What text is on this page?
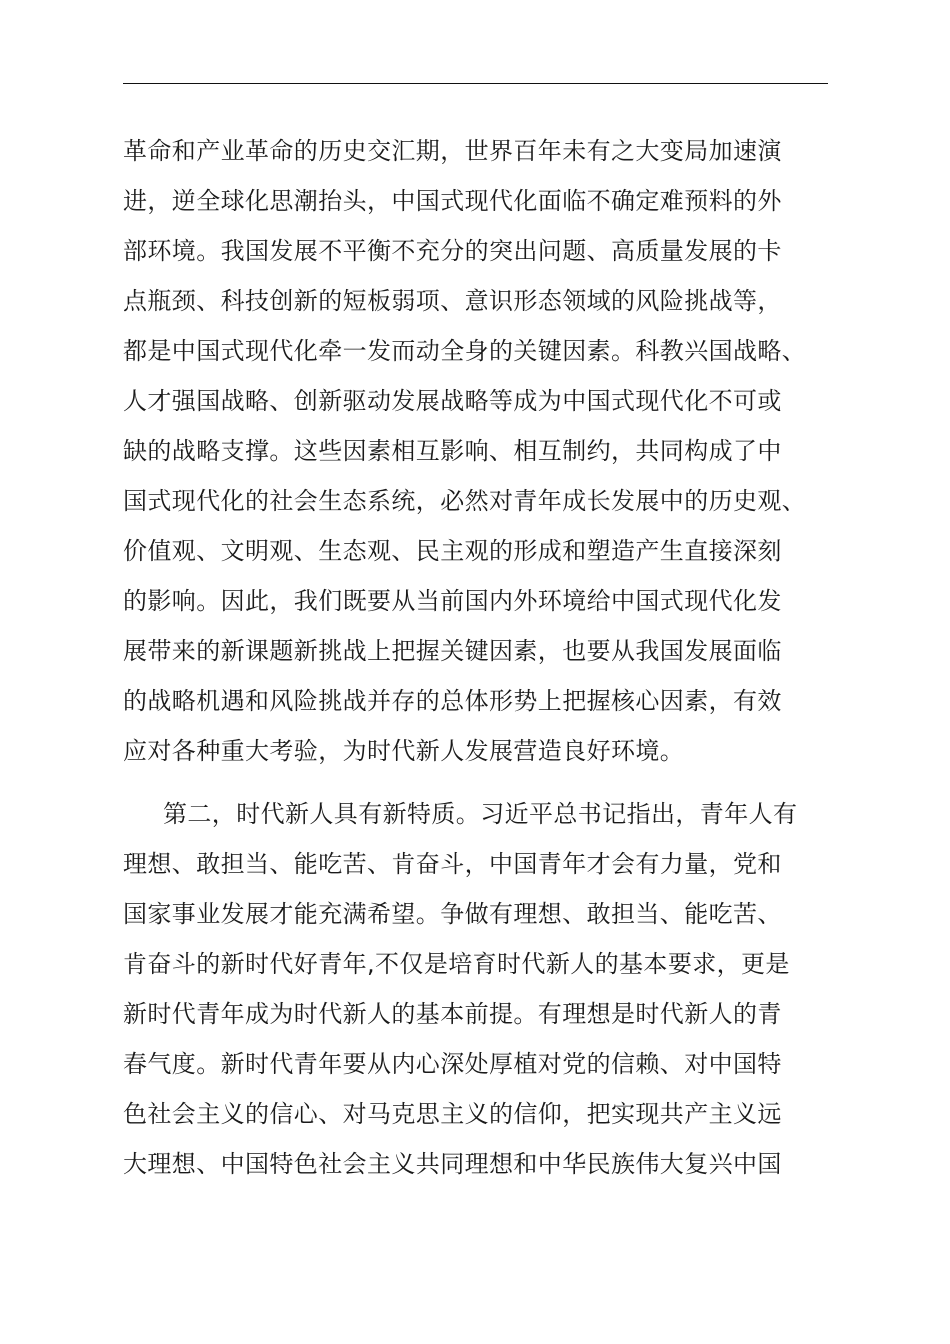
革命和产业革命的历史交汇期，世界百年未有之大变局加速演
进，逆全球化思潮抬头，中国式现代化面临不确定难预料的外
部环境。我国发展不平衡不充分的突出问题、高质量发展的卡
点瓶颈、科技创新的短板弱项、意识形态领域的风险挑战等，
都是中国式现代化牵一发而动全身的关键因素。科教兴国战略、
人才强国战略、创新驱动发展战略等成为中国式现代化不可或
缺的战略支撑。这些因素相互影响、相互制约，共同构成了中
国式现代化的社会生态系统，必然对青年成长发展中的历史观、
价值观、文明观、生态观、民主观的形成和塑造产生直接深刻
的影响。因此，我们既要从当前国内外环境给中国式现代化发
展带来的新课题新挑战上把握关键因素，也要从我国发展面临
的战略机遇和风险挑战并存的总体形势上把握核心因素，有效
应对各种重大考验，为时代新人发展营造良好环境。
第二，时代新人具有新特质。习近平总书记指出，青年人有
理想、敢担当、能吃苦、肯奋斗，中国青年才会有力量，党和
国家事业发展才能充满希望。争做有理想、敢担当、能吃苦、
肯奋斗的新时代好青年,不仅是培育时代新人的基本要求，更是
新时代青年成为时代新人的基本前提。有理想是时代新人的青
春气度。新时代青年要从内心深处厚植对党的信赖、对中国特
色社会主义的信心、对马克思主义的信仰，把实现共产主义远
大理想、中国特色社会主义共同理想和中华民族伟大复兴中国
